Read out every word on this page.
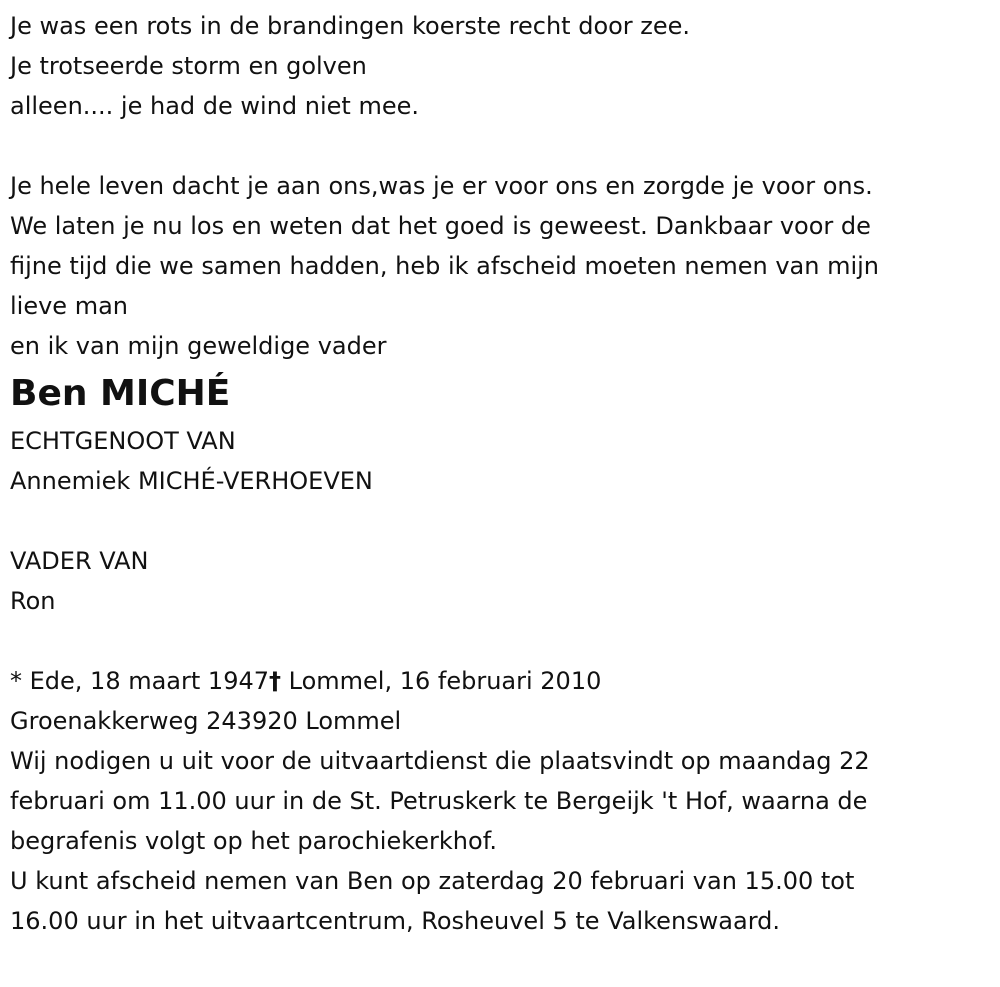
Je was een rots in de brandingen koerste recht door zee.
Je trotseerde storm en golven
alleen.... je had de wind niet mee.
Je hele leven dacht je aan ons,was je er voor ons en zorgde je voor ons.
We laten je nu los en weten dat het goed is geweest. Dankbaar voor de
fijne tijd die we samen hadden, heb ik afscheid moeten nemen van mijn
lieve man
en ik van mijn geweldige vader
Ben MICHÉ
ECHTGENOOT VAN
Annemiek MICHÉ-VERHOEVEN
VADER VAN
Ron
* Ede, 18 maart 1947† Lommel, 16 februari 2010
Groenakkerweg 243920 Lommel
Wij nodigen u uit voor de uitvaartdienst die plaatsvindt op maandag 22
februari om 11.00 uur in de St. Petruskerk te Bergeijk 't Hof, waarna de
begrafenis volgt op het parochiekerkhof.
U kunt afscheid nemen van Ben op zaterdag 20 februari van 15.00 tot
16.00 uur in het uitvaartcentrum, Rosheuvel 5 te Valkenswaard.
